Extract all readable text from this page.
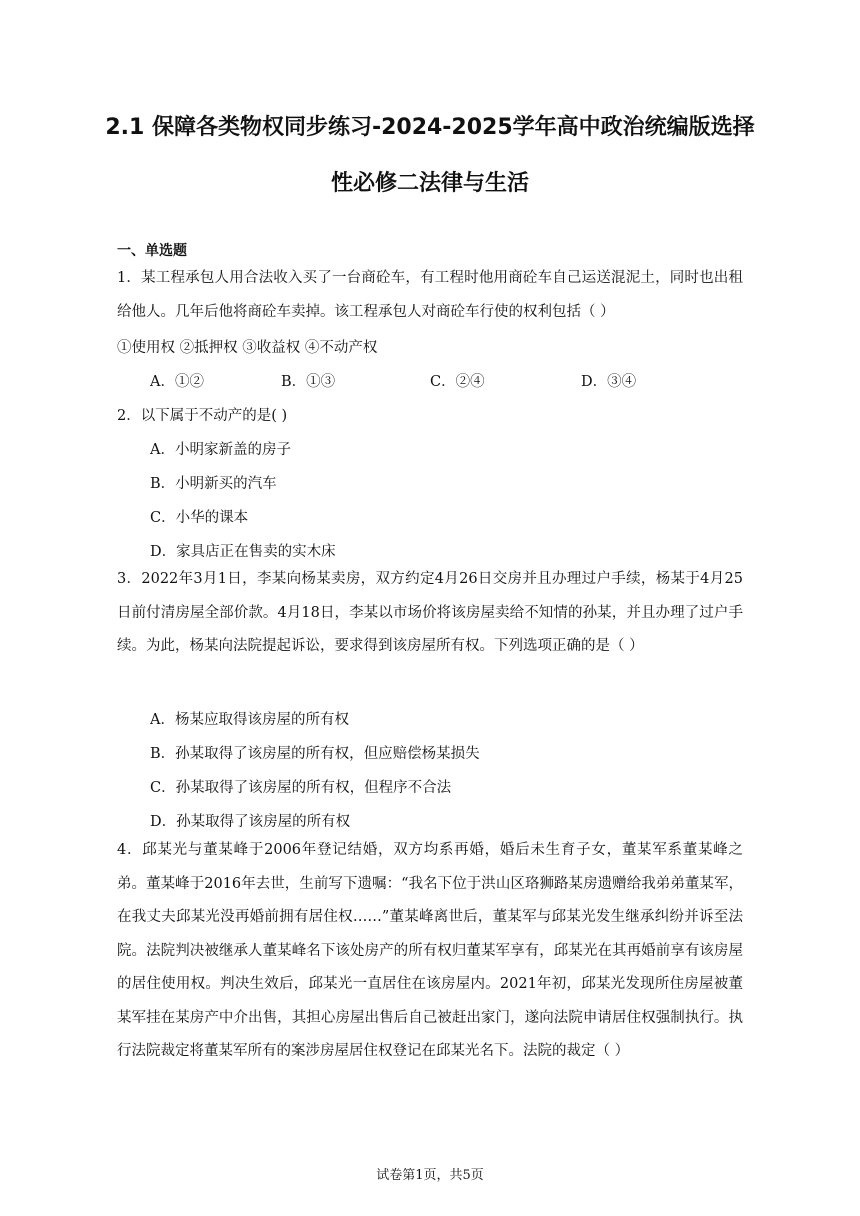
2.1 保障各类物权同步练习-2024-2025学年高中政治统编版选择性必修二法律与生活
一、单选题
1．某工程承包人用合法收入买了一台商砼车，有工程时他用商砼车自己运送混泥土，同时也出租给他人。几年后他将商砼车卖掉。该工程承包人对商砼车行使的权利包括（ ）
①使用权 ②抵押权 ③收益权 ④不动产权
A．①②	B．①③	C．②④	D．③④
2．以下属于不动产的是( )
A．小明家新盖的房子
B．小明新买的汽车
C．小华的课本
D．家具店正在售卖的实木床
3．2022年3月1日，李某向杨某卖房，双方约定4月26日交房并且办理过户手续，杨某于4月25日前付清房屋全部价款。4月18日，李某以市场价将该房屋卖给不知情的孙某，并且办理了过户手续。为此，杨某向法院提起诉讼，要求得到该房屋所有权。下列选项正确的是（ ）
A．杨某应取得该房屋的所有权
B．孙某取得了该房屋的所有权，但应赔偿杨某损失
C．孙某取得了该房屋的所有权，但程序不合法
D．孙某取得了该房屋的所有权
4．邱某光与董某峰于2006年登记结婚，双方均系再婚，婚后未生育子女，董某军系董某峰之弟。董某峰于2016年去世，生前写下遗嘱：“我名下位于洪山区珞狮路某房遗赠给我弟弟董某军，在我丈夫邱某光没再婚前拥有居住权……”董某峰离世后，董某军与邱某光发生继承纠纷并诉至法院。法院判决被继承人董某峰名下该处房产的所有权归董某军享有，邱某光在其再婚前享有该房屋的居住使用权。判决生效后，邱某光一直居住在该房屋内。2021年初，邱某光发现所住房屋被董某军挂在某房产中介出售，其担心房屋出售后自己被赶出家门，遂向法院申请居住权强制执行。执行法院裁定将董某军所有的案涉房屋居住权登记在邱某光名下。法院的裁定（ ）
试卷第1页，共5页
